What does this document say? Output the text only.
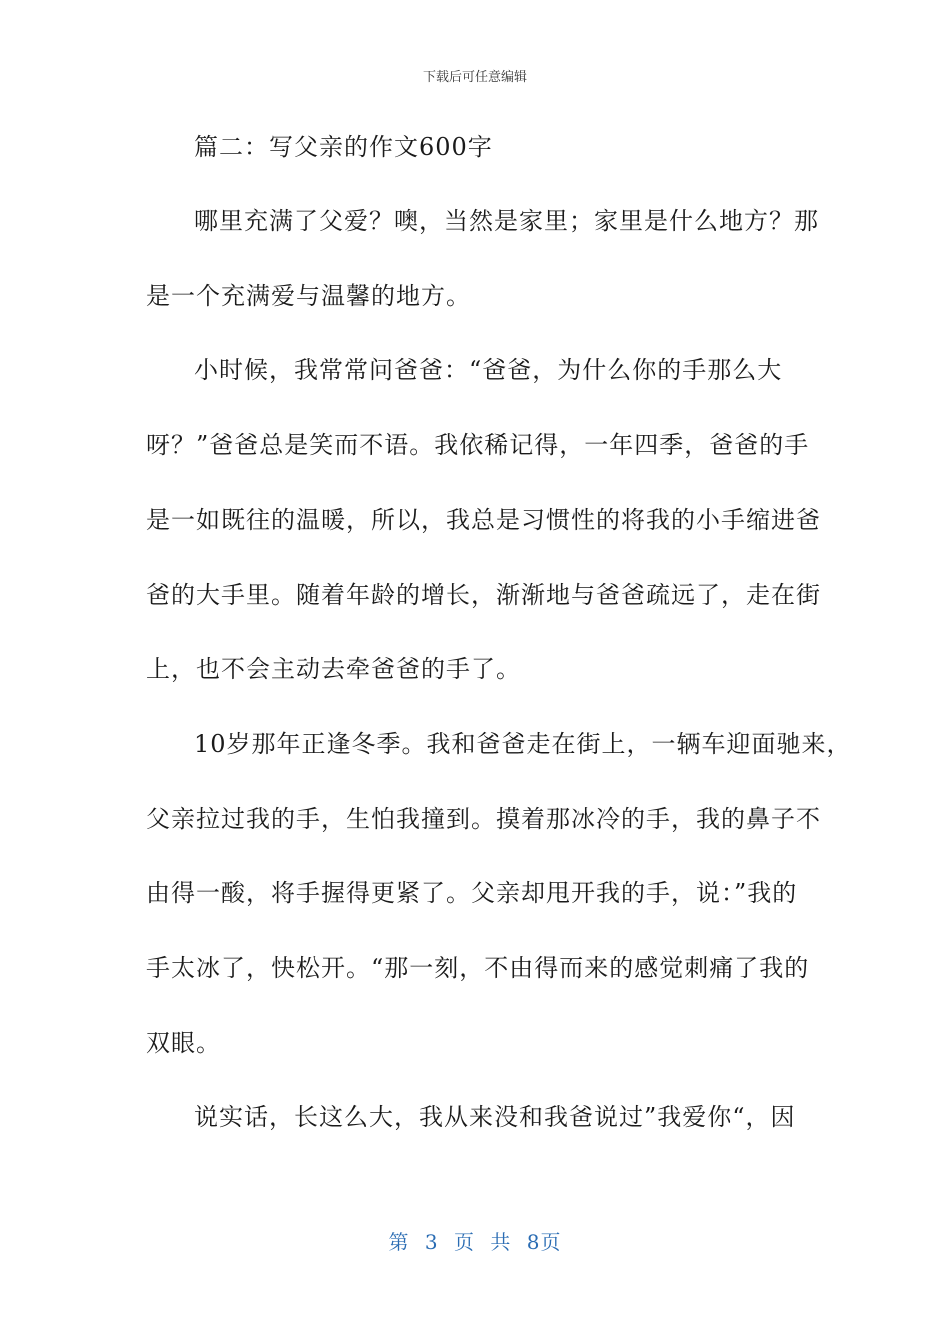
下载后可任意编辑
篇二：写父亲的作文600字
哪里充满了父爱？噢，当然是家里；家里是什么地方？那
是一个充满爱与温馨的地方。
小时候，我常常问爸爸：“爸爸，为什么你的手那么大
呀？”爸爸总是笑而不语。我依稀记得，一年四季，爸爸的手
是一如既往的温暖，所以，我总是习惯性的将我的小手缩进爸
爸的大手里。随着年龄的增长，渐渐地与爸爸疏远了，走在街
上，也不会主动去牵爸爸的手了。
10岁那年正逢冬季。我和爸爸走在街上，一辆车迎面驰来，
父亲拉过我的手，生怕我撞到。摸着那冰冷的手，我的鼻子不
由得一酸，将手握得更紧了。父亲却甩开我的手，说：”我的
手太冰了，快松开。“那一刻，不由得而来的感觉刺痛了我的
双眼。
说实话，长这么大，我从来没和我爸说过”我爱你“，因
第 3 页 共 8页
